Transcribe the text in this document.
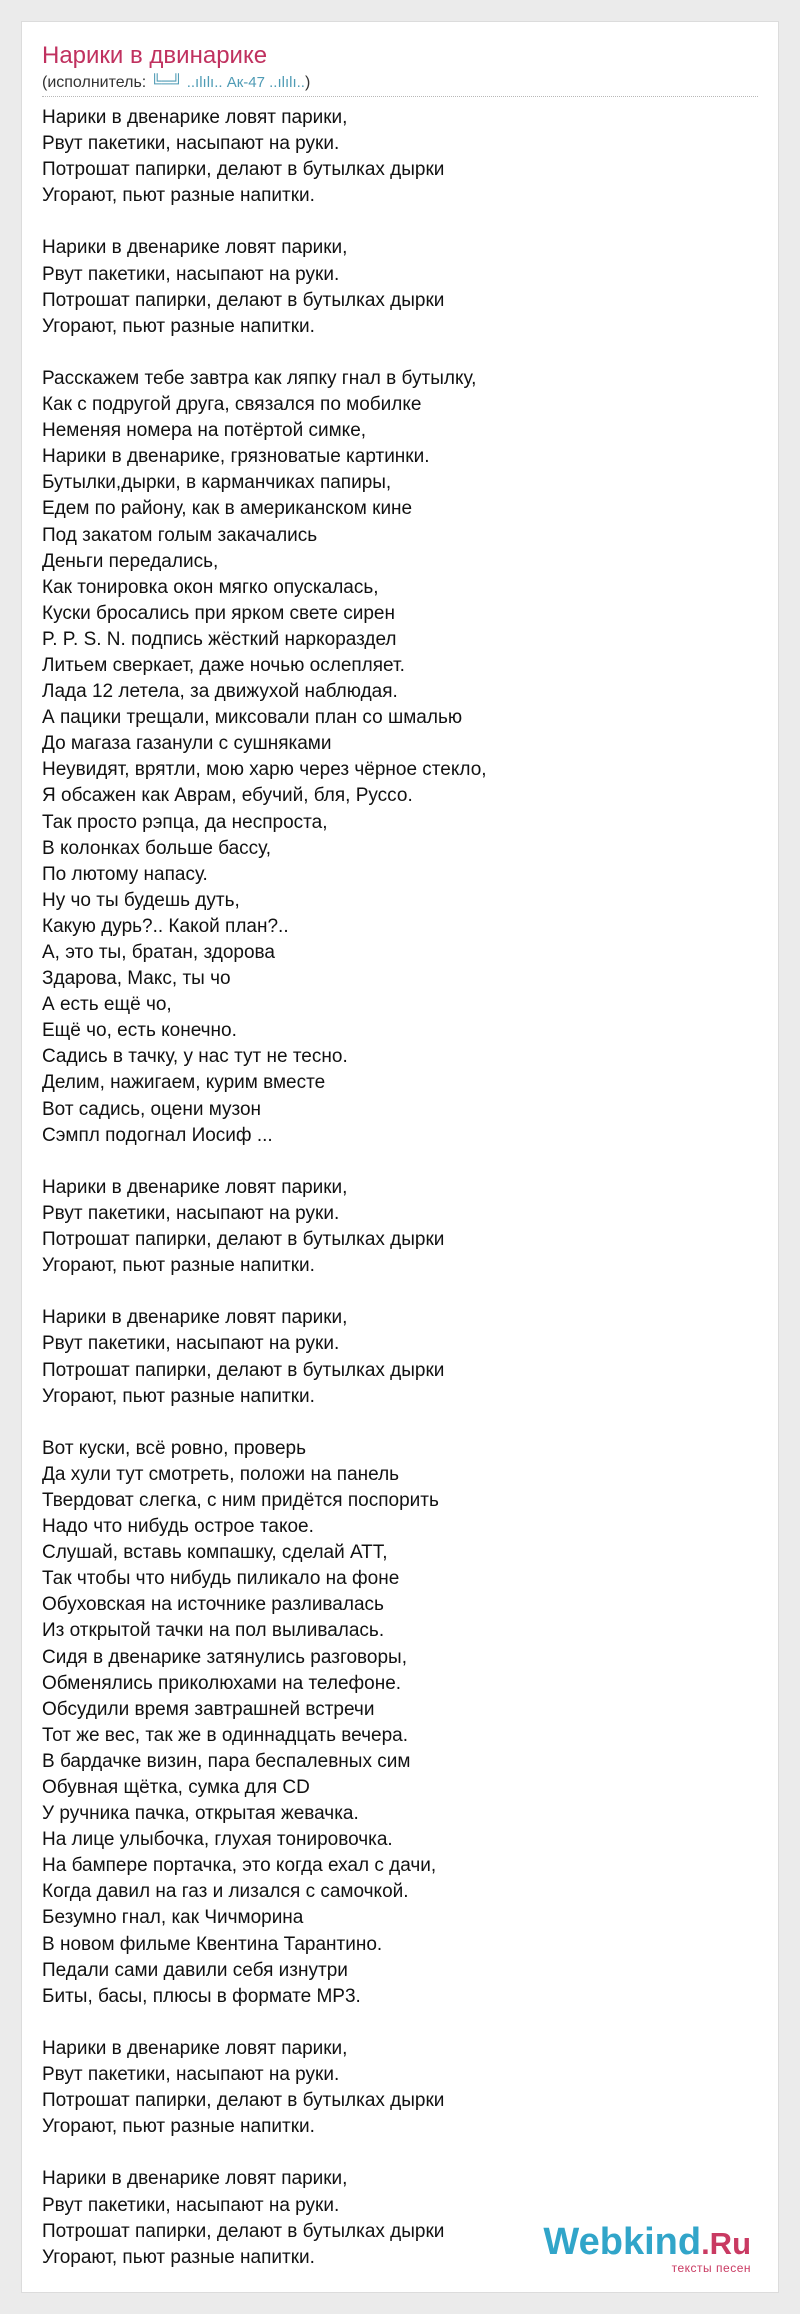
Нарики в двинарике
(исполнитель: ╚═╝ ..ılılı.. Ак-47 ..ılılı..)
Нарики в двенарике ловят парики,
Рвут пакетики, насыпают на руки.
Потрошат папирки, делают в бутылках дырки
Угорают, пьют разные напитки.
Нарики в двенарике ловят парики,
Рвут пакетики, насыпают на руки.
Потрошат папирки, делают в бутылках дырки
Угорают, пьют разные напитки.
Расскажем тебе завтра как ляпку гнал в бутылку,
Как с подругой друга, связался по мобилке
Неменяя номера на потёртой симке,
Нарики в двенарике, грязноватые картинки.
Бутылки,дырки, в карманчиках папиры,
Едем по району, как в американском кине
Под закатом голым закачались
Деньги передались,
Как тонировка окон мягко опускалась,
Куски бросались при ярком свете сирен
P. P. S. N. подпись жёсткий наркораздел
Литьем сверкает, даже ночью ослепляет.
Лада 12 летела, за движухой наблюдая.
А пацики трещали, миксовали план со шмалью
До магаза газанули с сушняками
Неувидят, врятли, мою харю через чёрное стекло,
Я обсажен как Аврам, ебучий, бля, Руссо.
Так просто рэпца, да неспроста,
В колонках больше бассу,
По лютому напасу.
Ну чо ты будешь дуть,
Какую дурь?.. Какой план?..
А, это ты, братан, здорова
Здарова, Макс, ты чо
А есть ещё чо,
Ещё чо, есть конечно.
Садись в тачку, у нас тут не тесно.
Делим, нажигаем, курим вместе
Вот садись, оцени музон
Сэмпл подогнал Иосиф ...
Нарики в двенарике ловят парики,
Рвут пакетики, насыпают на руки.
Потрошат папирки, делают в бутылках дырки
Угорают, пьют разные напитки.
Нарики в двенарике ловят парики,
Рвут пакетики, насыпают на руки.
Потрошат папирки, делают в бутылках дырки
Угорают, пьют разные напитки.
Вот куски, всё ровно, проверь
Да хули тут смотреть, положи на панель
Твердоват слегка, с ним придётся поспорить
Надо что нибудь острое такое.
Слушай, вставь компашку, сделай АТТ,
Так чтобы что нибудь пиликало на фоне
Обуховская на источнике разливалась
Из открытой тачки на пол выливалась.
Сидя в двенарике затянулись разговоры,
Обменялись приколюхами на телефоне.
Обсудили время завтрашней встречи
Тот же вес, так же в одиннадцать вечера.
В бардачке визин, пара беспалевных сим
Обувная щётка, сумка для CD
У ручника пачка, открытая жевачка.
На лице улыбочка, глухая тонировочка.
На бампере портачка, это когда ехал с дачи,
Когда давил на газ и лизался с самочкой.
Безумно гнал, как Чичморина
В новом фильме Квентина Тарантино.
Педали сами давили себя изнутри
Биты, басы, плюсы в формате MP3.
Нарики в двенарике ловят парики,
Рвут пакетики, насыпают на руки.
Потрошат папирки, делают в бутылках дырки
Угорают, пьют разные напитки.
Нарики в двенарике ловят парики,
Рвут пакетики, насыпают на руки.
Потрошат папирки, делают в бутылках дырки
Угорают, пьют разные напитки.	Webkind.Ru
тексты песен
